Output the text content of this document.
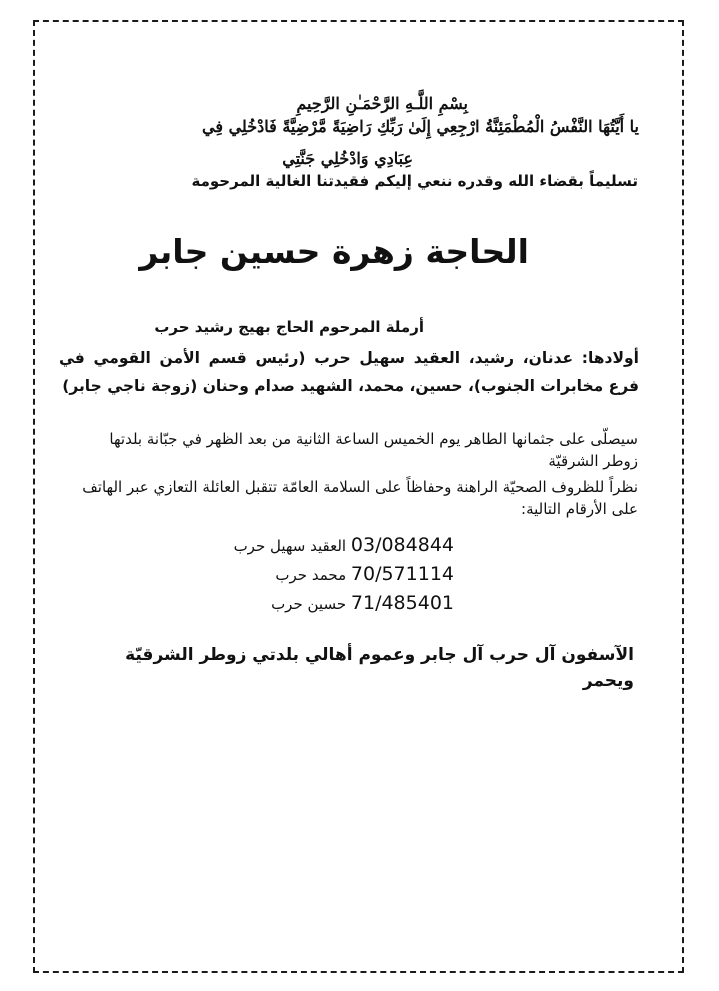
بِسْمِ اللَّـهِ الرَّحْمَـٰنِ الرَّحِيمِ
يا أَيَّتُهَا النَّفْسُ الْمُطْمَئِنَّةُ ارْجِعِي إِلَىٰ رَبِّكِ رَاضِيَةً مَّرْضِيَّةً فَادْخُلِي فِي
عِبَادِي وَادْخُلِي جَنَّتِي
تسليماً بقضاء الله وقدره ننعي إليكم فقيدتنا الغالية المرحومة
الحاجة زهرة حسين جابر
أرملة المرحوم الحاج بهيج رشيد حرب
أولادها: عدنان، رشيد، العقيد سهيل حرب (رئيس قسم الأمن القومي في فرع مخابرات الجنوب)، حسين، محمد، الشهيد صدام وحنان (زوجة ناجي جابر)
سيصلّى على جثمانها الطاهر يوم الخميس الساعة الثانية من بعد الظهر في جبّانة بلدتها زوطر الشرقيّة
نظراً للظروف الصحيّة الراهنة وحفاظاً على السلامة العامّة تتقبل العائلة التعازي عبر الهاتف على الأرقام التالية:
03/084844 العقيد سهيل حرب
70/571114 محمد حرب
71/485401 حسين حرب
الآسفون آل حرب آل جابر وعموم أهالي بلدتي زوطر الشرقيّة ويحمر
